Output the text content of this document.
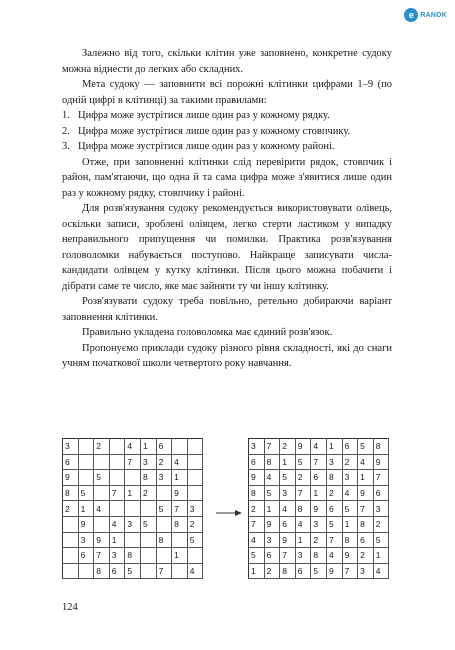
e RANOK

Залежно від того, скільки клітин уже заповнено, конкретне судоку можна віднести до легких або складних.

Мета судоку — заповнити всі порожні клітинки цифрами 1–9 (по одній цифрі в клітинці) за такими правилами:

1. Цифра може зустрітися лише один раз у кожному рядку.
2. Цифра може зустрітися лише один раз у кожному стовпчику.
3. Цифра може зустрітися лише один раз у кожному районі.

Отже, при заповненні клітинки слід перевірити рядок, стовпчик і район, пам'ятаючи, що одна й та сама цифра може з'явитися лише один раз у кожному рядку, стовпчику і районі.

Для розв'язування судоку рекомендується використовувати олівець, оскільки записи, зроблені олівцем, легко стерти ластиком у випадку неправильного припущення чи помилки. Практика розв'язування головоломки набувається поступово. Найкраще записувати числа-кандидати олівцем у кутку клітинки. Після цього можна побачити і дібрати саме те число, яке має зайняти ту чи іншу клітинку.

Розв'язувати судоку треба повільно, ретельно добираючи варіант заповнення клітинки.

Правильно укладена головоломка має єдиний розв'язок.

Пропонуємо приклади судоку різного рівня складності, які до снаги учням початкової школи четвертого року навчання.

3		2		4	1	6		
6				7	3	2	4	
9		5			8	3	1	
8	5		7	1	2		9	
2	1	4				5	7	3
	9		4	3	5		8	2
	3	9	1			8		5
	6	7	3	8			1	
		8	6	5		7		4
3	7	2	9	4	1	6	5	8
6	8	1	5	7	3	2	4	9
9	4	5	2	6	8	3	1	7
8	5	3	7	1	2	4	9	6
2	1	4	8	9	6	5	7	3
7	9	6	4	3	5	1	8	2
4	3	9	1	2	7	8	6	5
5	6	7	3	8	4	9	2	1
1	2	8	6	5	9	7	3	4
124
